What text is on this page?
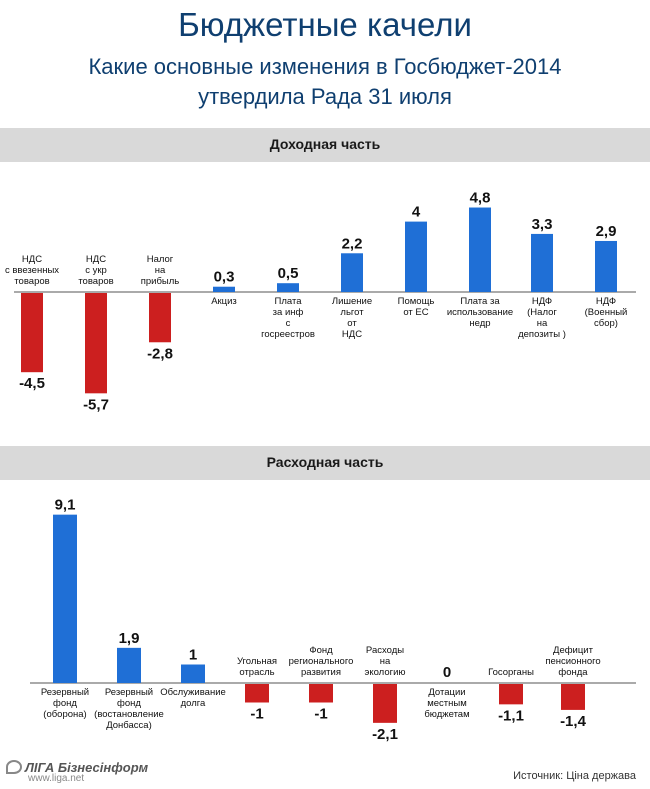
Бюджетные качели
Какие основные изменения в Госбюджет-2014
утвердила Рада 31 июля
Доходная часть
Расходная часть
-4,5
НДС с ввезенных товаров
-5,7
НДС с укр товаров
-2,8
Налог на прибыль 0,3
Акциз
0,5
Плата за инф с госреестров
2,2
Лишение льгот от НДС
4
Помощь от ЕС
4,8
Плата за использование недр
3,3
НДФ (Налог на депозиты )
2,9
НДФ (Военный сбор)
9,1
Резервный фонд (оборона)
1,9
Резервный фонд (востановление Донбасса)
1
Обслуживание долга
-1
Угольная отрасль
-1
Фонд регионального развития
-2,1
Расходы на экологию 0
Дотации местным бюджетам -1,1
Госорганы
-1,4
Дефицит пенсионного фонда
ЛIГА Бізнесінформ
www.liga.net	Источник: Ціна держава
